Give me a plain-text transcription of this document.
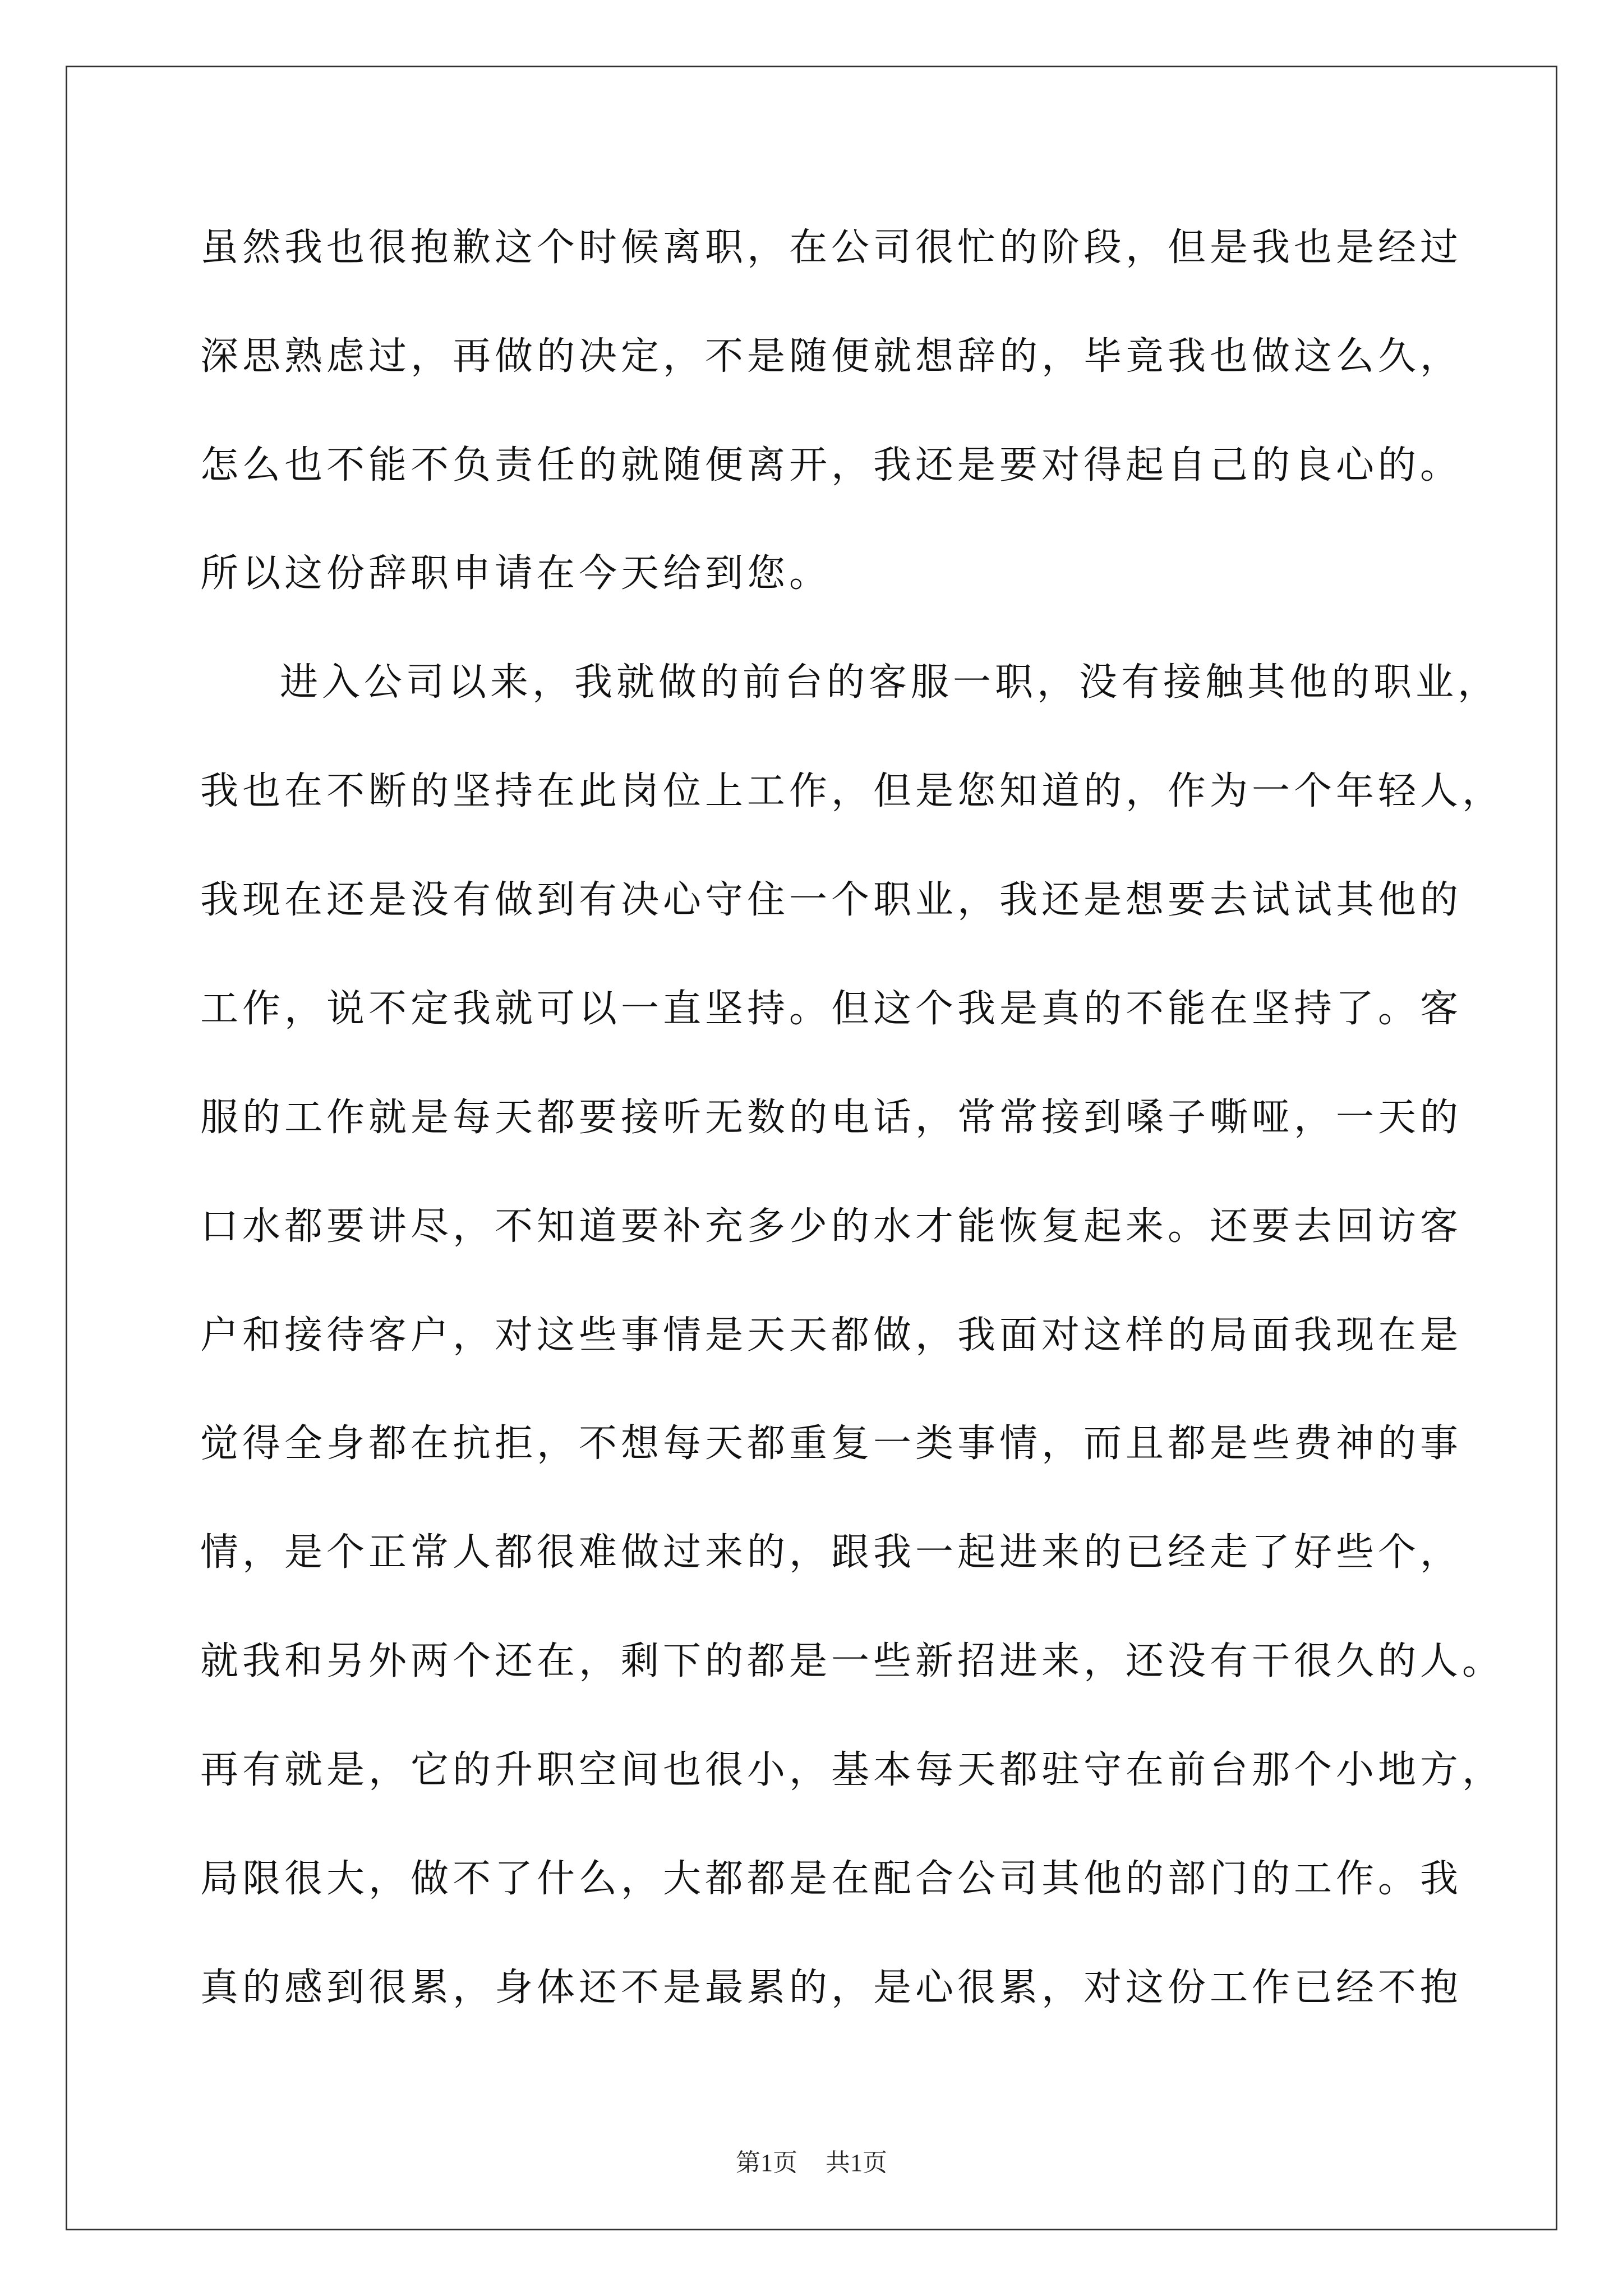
虽然我也很抱歉这个时候离职，在公司很忙的阶段，但是我也是经过
深思熟虑过，再做的决定，不是随便就想辞的，毕竟我也做这么久，
怎么也不能不负责任的就随便离开，我还是要对得起自己的良心的。
所以这份辞职申请在今天给到您。
进入公司以来，我就做的前台的客服一职，没有接触其他的职业，
我也在不断的坚持在此岗位上工作，但是您知道的，作为一个年轻人，
我现在还是没有做到有决心守住一个职业，我还是想要去试试其他的
工作，说不定我就可以一直坚持。但这个我是真的不能在坚持了。客
服的工作就是每天都要接听无数的电话，常常接到嗓子嘶哑，一天的
口水都要讲尽，不知道要补充多少的水才能恢复起来。还要去回访客
户和接待客户，对这些事情是天天都做，我面对这样的局面我现在是
觉得全身都在抗拒，不想每天都重复一类事情，而且都是些费神的事
情，是个正常人都很难做过来的，跟我一起进来的已经走了好些个，
就我和另外两个还在，剩下的都是一些新招进来，还没有干很久的人。
再有就是，它的升职空间也很小，基本每天都驻守在前台那个小地方，
局限很大，做不了什么，大都都是在配合公司其他的部门的工作。我
真的感到很累，身体还不是最累的，是心很累，对这份工作已经不抱
第1页 共1页
